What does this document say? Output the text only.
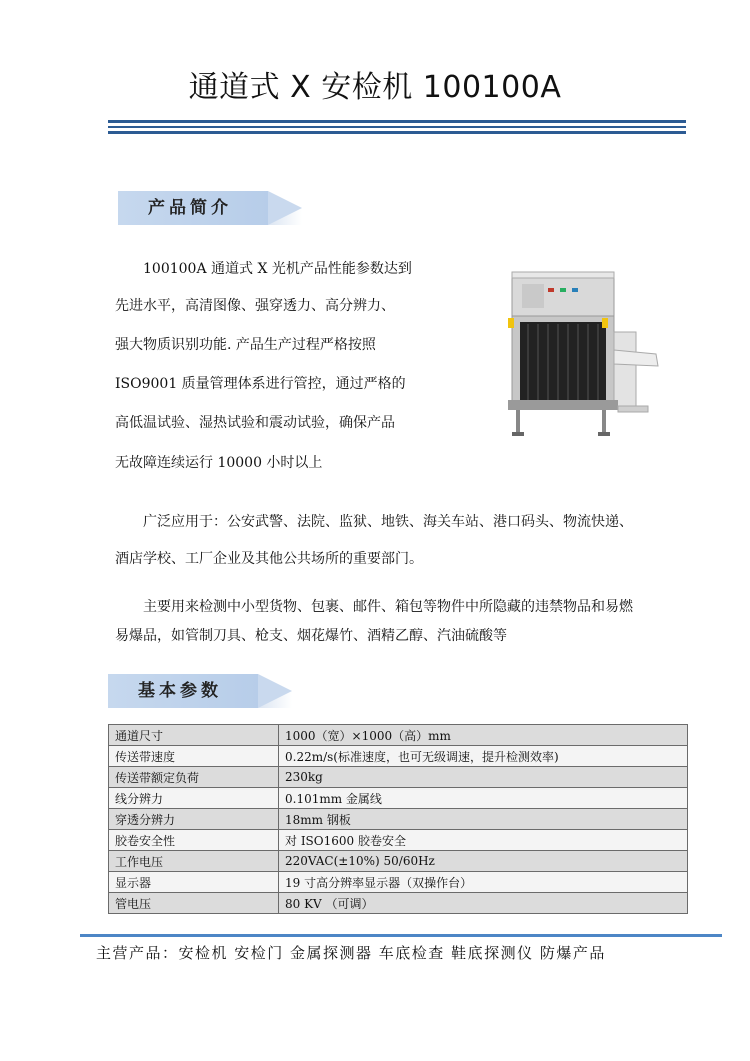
通道式 X 安检机 100100A
产品简介
100100A 通道式 X 光机产品性能参数达到
先进水平，高清图像、强穿透力、高分辨力、
强大物质识别功能. 产品生产过程严格按照
ISO9001 质量管理体系进行管控，通过严格的
高低温试验、湿热试验和震动试验，确保产品
无故障连续运行 10000 小时以上
广泛应用于：公安武警、法院、监狱、地铁、海关车站、港口码头、物流快递、
酒店学校、工厂企业及其他公共场所的重要部门。
主要用来检测中小型货物、包裹、邮件、箱包等物件中所隐藏的违禁物品和易燃
易爆品，如管制刀具、枪支、烟花爆竹、酒精乙醇、汽油硫酸等
基本参数
通道尺寸	1000（宽）×1000（高）mm
传送带速度	0.22m/s(标准速度，也可无级调速，提升检测效率)
传送带额定负荷	230kg
线分辨力	0.101mm 金属线
穿透分辨力	18mm 钢板
胶卷安全性	对 ISO1600 胶卷安全
工作电压	220VAC(±10%) 50/60Hz
显示器	19 寸高分辨率显示器（双操作台）
管电压	80 KV （可调）
主营产品：安检机 安检门 金属探测器 车底检查 鞋底探测仪 防爆产品
